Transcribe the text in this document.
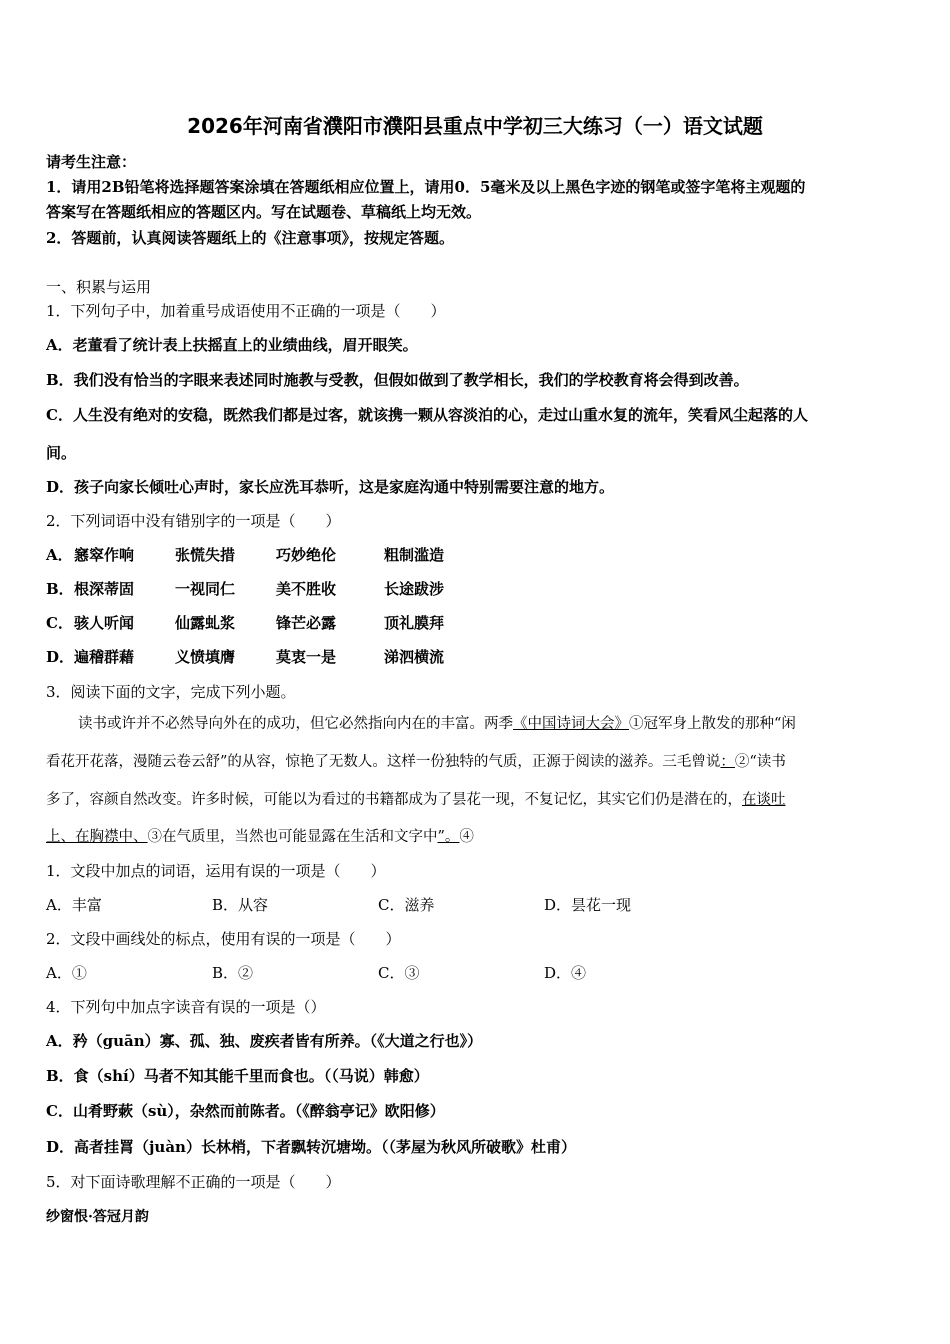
2026年河南省濮阳市濮阳县重点中学初三大练习（一）语文试题
请考生注意：
1．请用2B铅笔将选择题答案涂填在答题纸相应位置上，请用0．5毫米及以上黑色字迹的钢笔或签字笔将主观题的
答案写在答题纸相应的答题区内。写在试题卷、草稿纸上均无效。
2．答题前，认真阅读答题纸上的《注意事项》，按规定答题。
一、积累与运用
1．下列句子中，加着重号成语使用不正确的一项是（　　）
A．老董看了统计表上扶摇直上的业绩曲线，眉开眼笑。
B．我们没有恰当的字眼来表述同时施教与受教，但假如做到了教学相长，我们的学校教育将会得到改善。
C．人生没有绝对的安稳，既然我们都是过客，就该携一颗从容淡泊的心，走过山重水复的流年，笑看风尘起落的人
间。
D．孩子向家长倾吐心声时，家长应洗耳恭听，这是家庭沟通中特别需要注意的地方。
2．下列词语中没有错别字的一项是（　　）
A．窸窣作响	张慌失措	巧妙绝伦	粗制滥造
B．根深蒂固	一视同仁	美不胜收	长途跋涉
C．骇人听闻	仙露虬浆	锋芒必露	顶礼膜拜
D．遍稽群藉	义愤填膺	莫衷一是	涕泗横流
3．阅读下面的文字，完成下列小题。
读书或许并不必然导向外在的成功，但它必然指向内在的丰富。两季《中国诗词大会》①冠军身上散发的那种“闲
看花开花落，漫随云卷云舒”的从容，惊艳了无数人。这样一份独特的气质，正源于阅读的滋养。三毛曾说：②“读书
多了，容颜自然改变。许多时候，可能以为看过的书籍都成为了昙花一现，不复记忆，其实它们仍是潜在的，在谈吐
上、在胸襟中、③在气质里，当然也可能显露在生活和文字中”。④
1．文段中加点的词语，运用有误的一项是（　　）
A．丰富	B．从容	C．滋养	D．昙花一现
2．文段中画线处的标点，使用有误的一项是（　　）
A．①	B．②	C．③	D．④
4．下列句中加点字读音有误的一项是（）
A．矜（guān）寡、孤、独、废疾者皆有所养。（《大道之行也》）
B．食（shí）马者不知其能千里而食也。（（马说）韩愈）
C．山肴野蔌（sù），杂然而前陈者。（《醉翁亭记》欧阳修）
D．高者挂罥（juàn）长林梢，下者飘转沉塘坳。（（茅屋为秋风所破歌》杜甫）
5．对下面诗歌理解不正确的一项是（　　）
纱窗恨·答冠月韵
